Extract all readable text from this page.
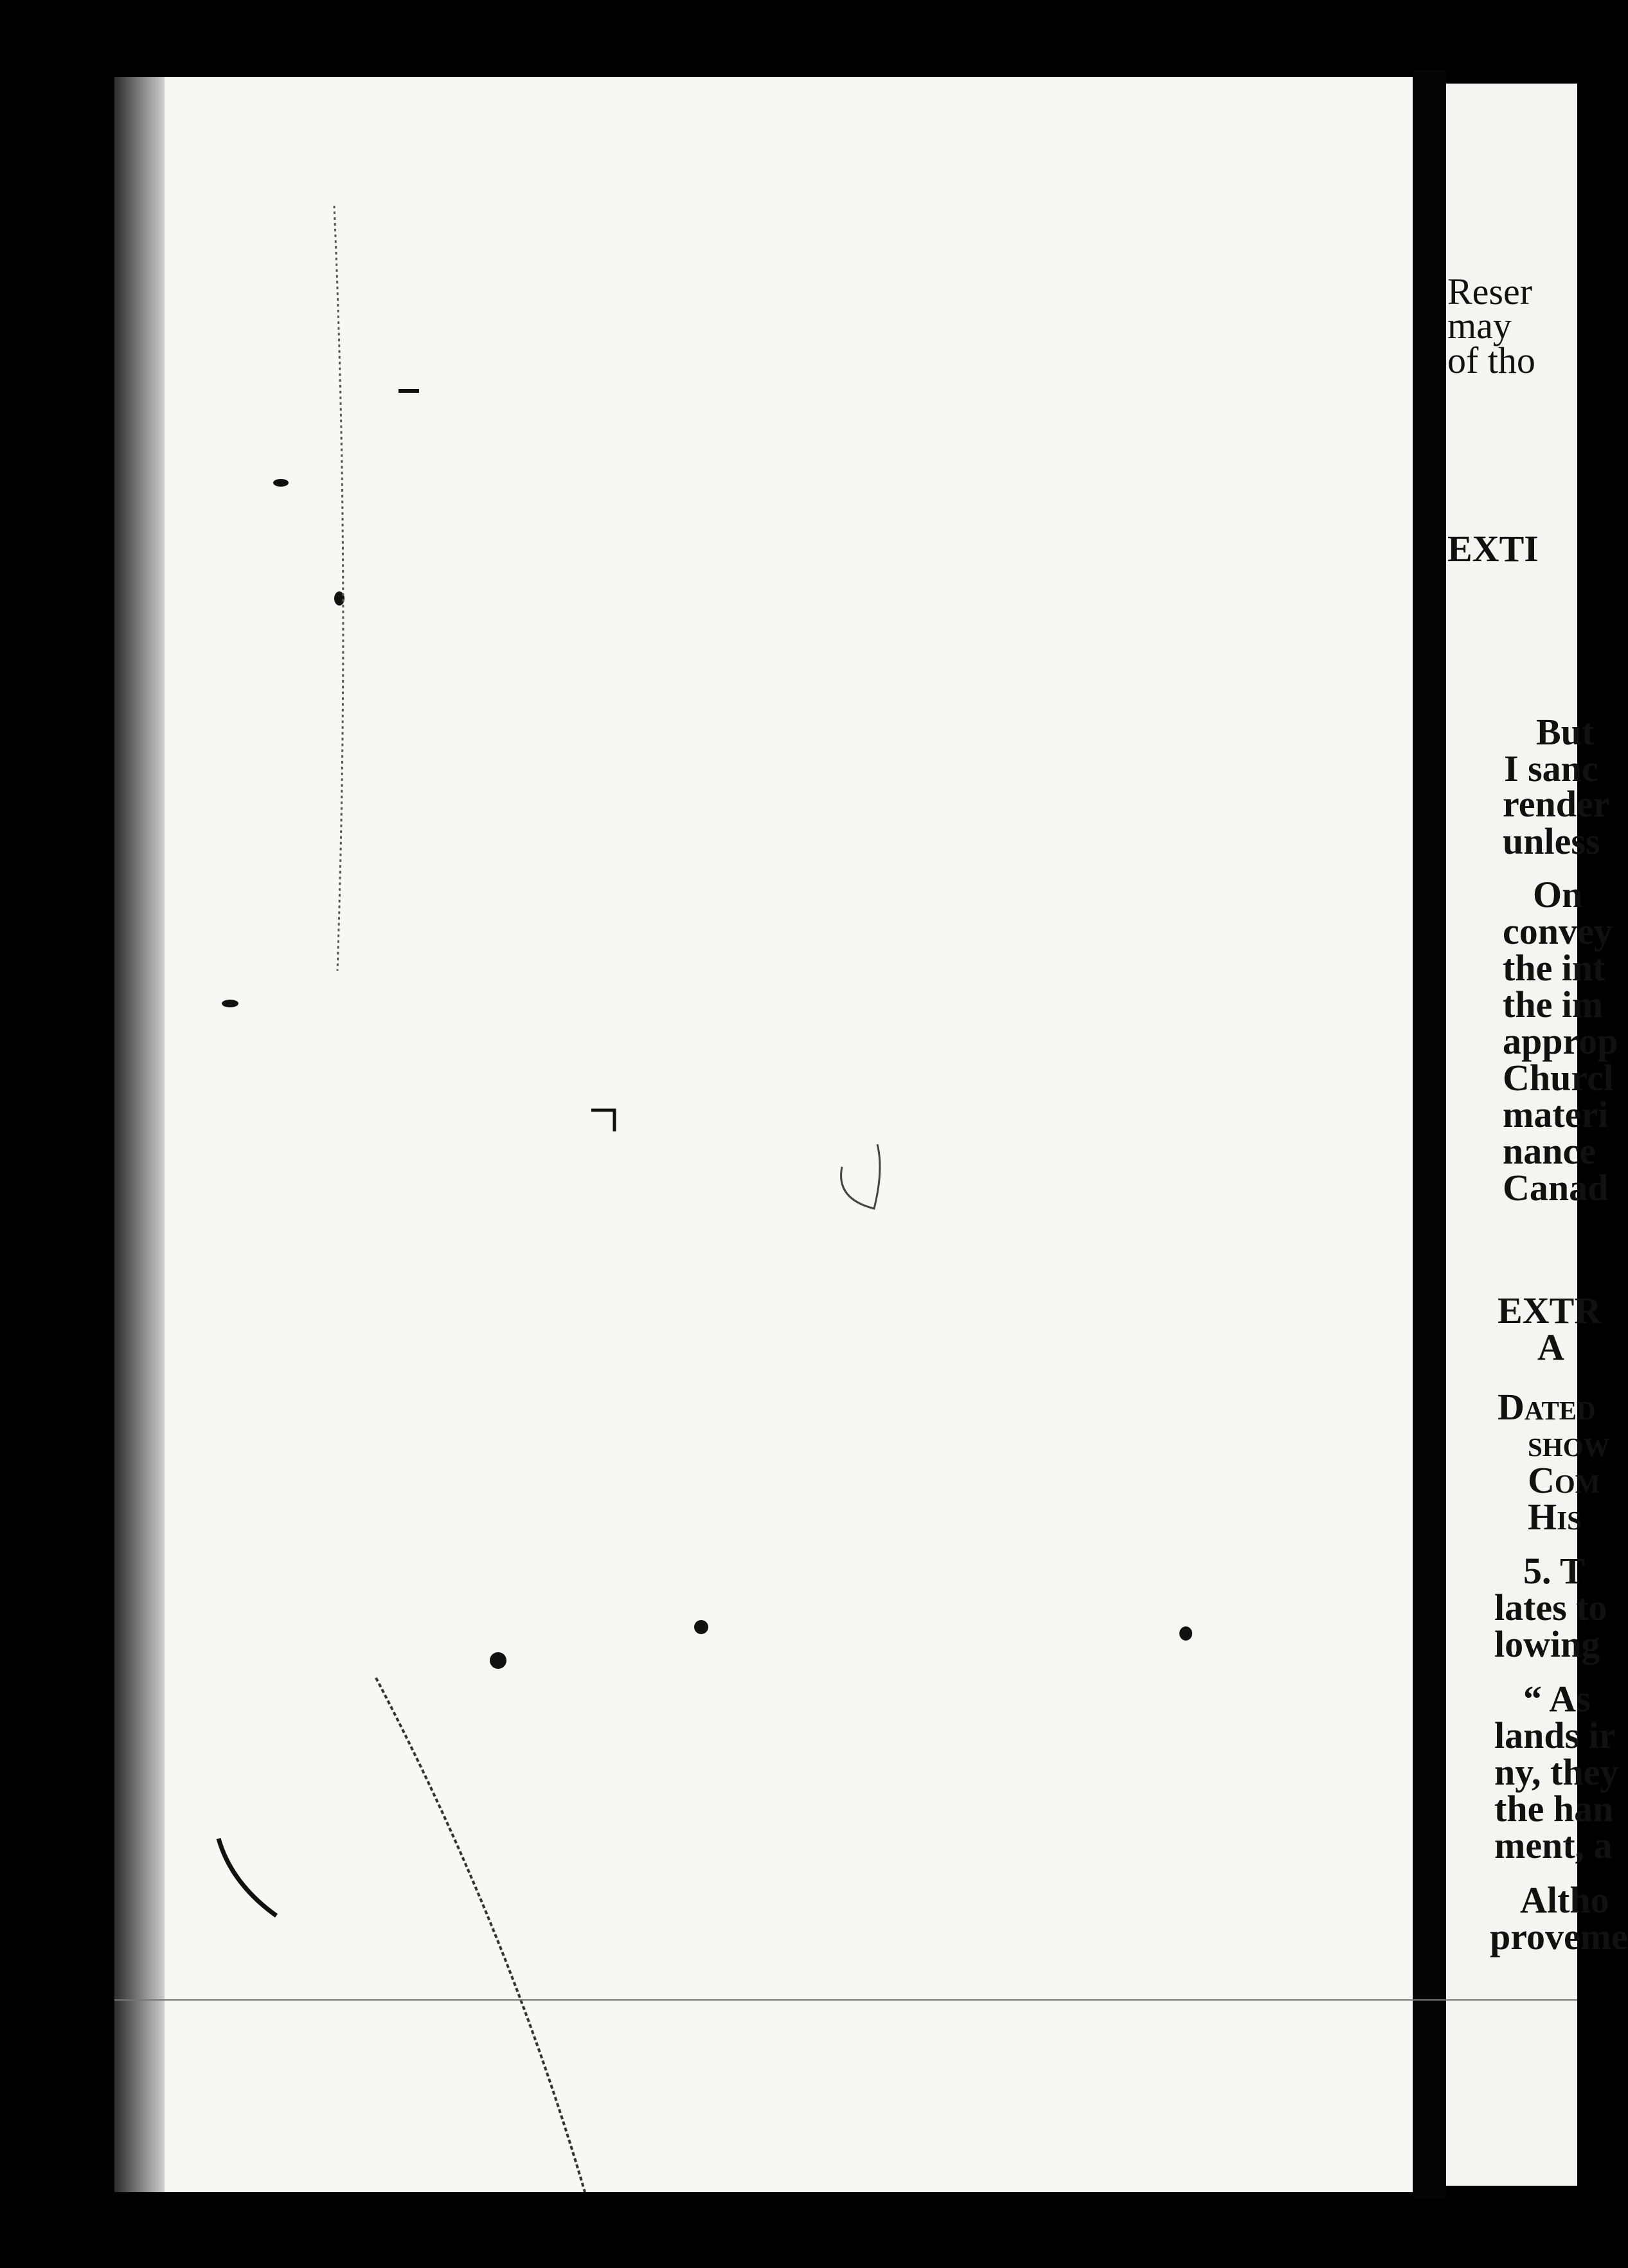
Reser
may
of tho
EXTI
But
I sanc
render
unless
On
convey
the int
the im
approp
Churcl
materi
nance
Canad
EXTR
A
Dated
show
Com
His
5. T
lates to
lowing
“ As
lands ir
ny, they
the han
ment, a
Altho
proveme
